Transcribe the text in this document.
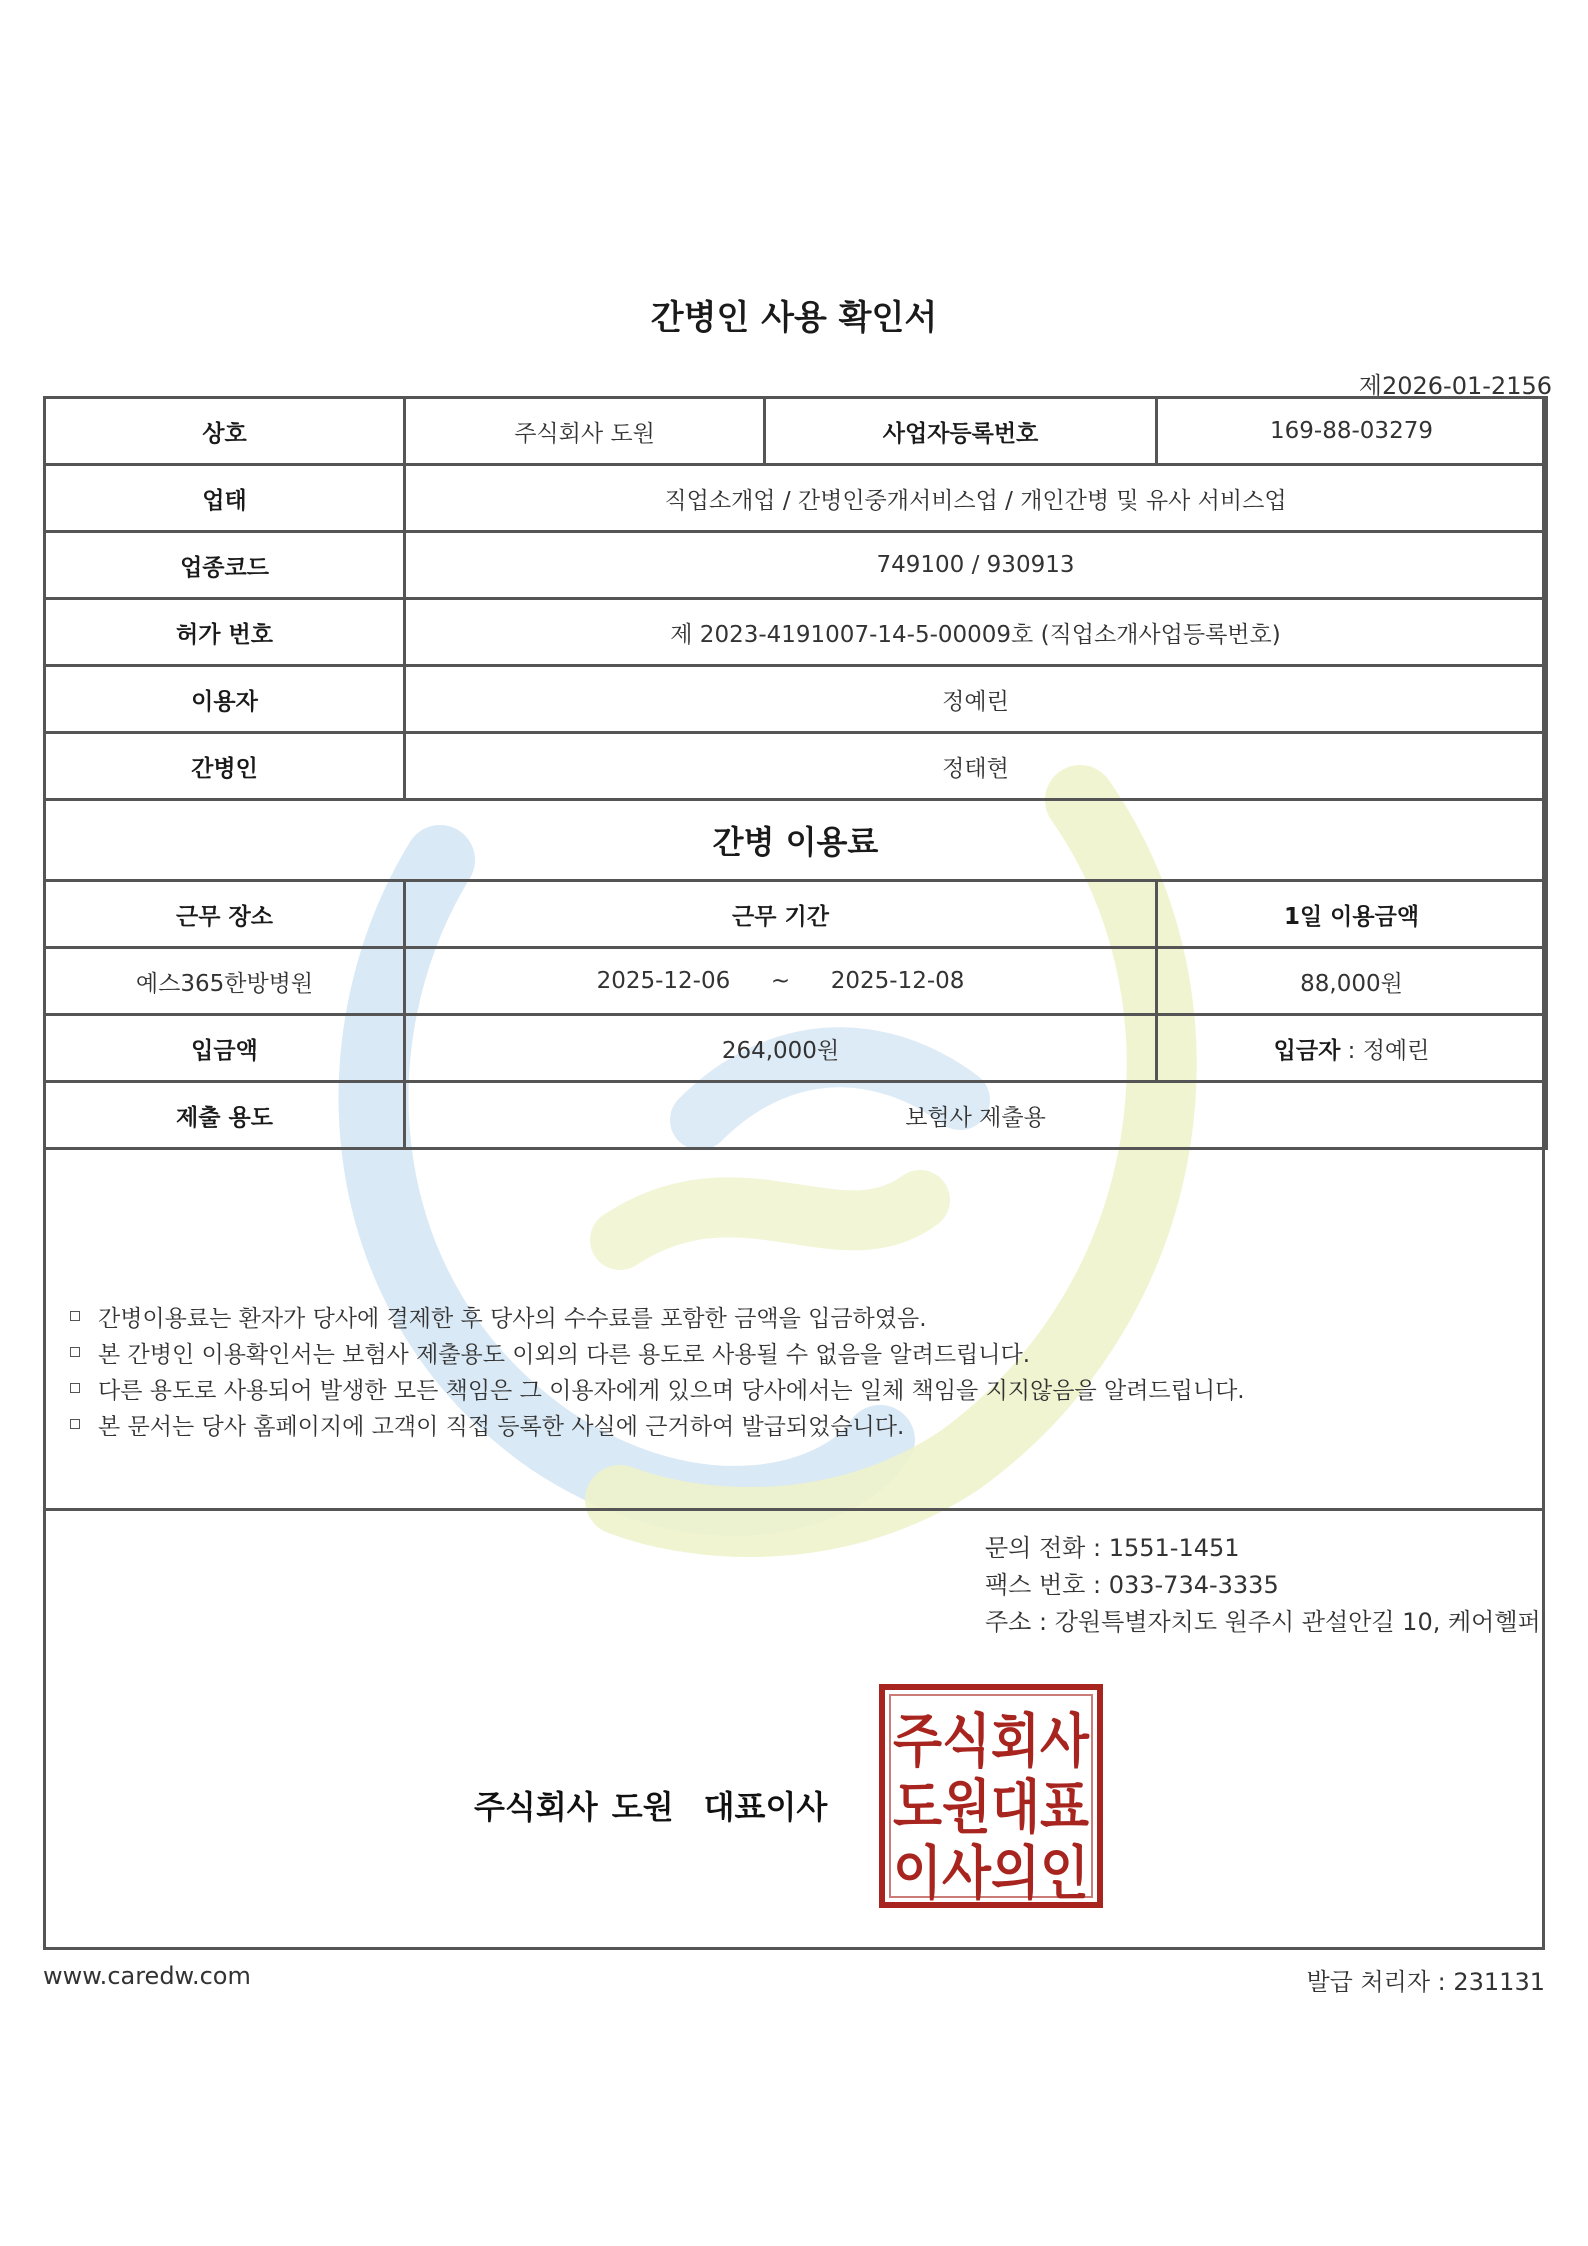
간병인 사용 확인서
제2026-01-2156
상호	주식회사 도원	사업자등록번호	169-88-03279
업태	직업소개업 / 간병인중개서비스업 / 개인간병 및 유사 서비스업		
업종코드	749100 / 930913		
허가 번호	제 2023-4191007-14-5-00009호 (직업소개사업등록번호)		
이용자	정예린		
간병인	정태현		
간병 이용료			
근무 장소	근무 기간		1일 이용금액
예스365한방병원	2025-12-06 ~ 2025-12-08		88,000원
입금액	264,000원		입금자 : 정예린
제출 용도	보험사 제출용		
간병이용료는 환자가 당사에 결제한 후 당사의 수수료를 포함한 금액을 입금하였음.
본 간병인 이용확인서는 보험사 제출용도 이외의 다른 용도로 사용될 수 없음을 알려드립니다.
다른 용도로 사용되어 발생한 모든 책임은 그 이용자에게 있으며 당사에서는 일체 책임을 지지않음을 알려드립니다.
본 문서는 당사 홈페이지에 고객이 직접 등록한 사실에 근거하여 발급되었습니다.
문의 전화 : 1551-1451
팩스 번호 : 033-734-3335
주소 : 강원특별자치도 원주시 관설안길 10, 케어헬퍼
주식회사 도원 대표이사
주식회사
도원대표
이사의인
www.caredw.com	발급 처리자 : 231131
